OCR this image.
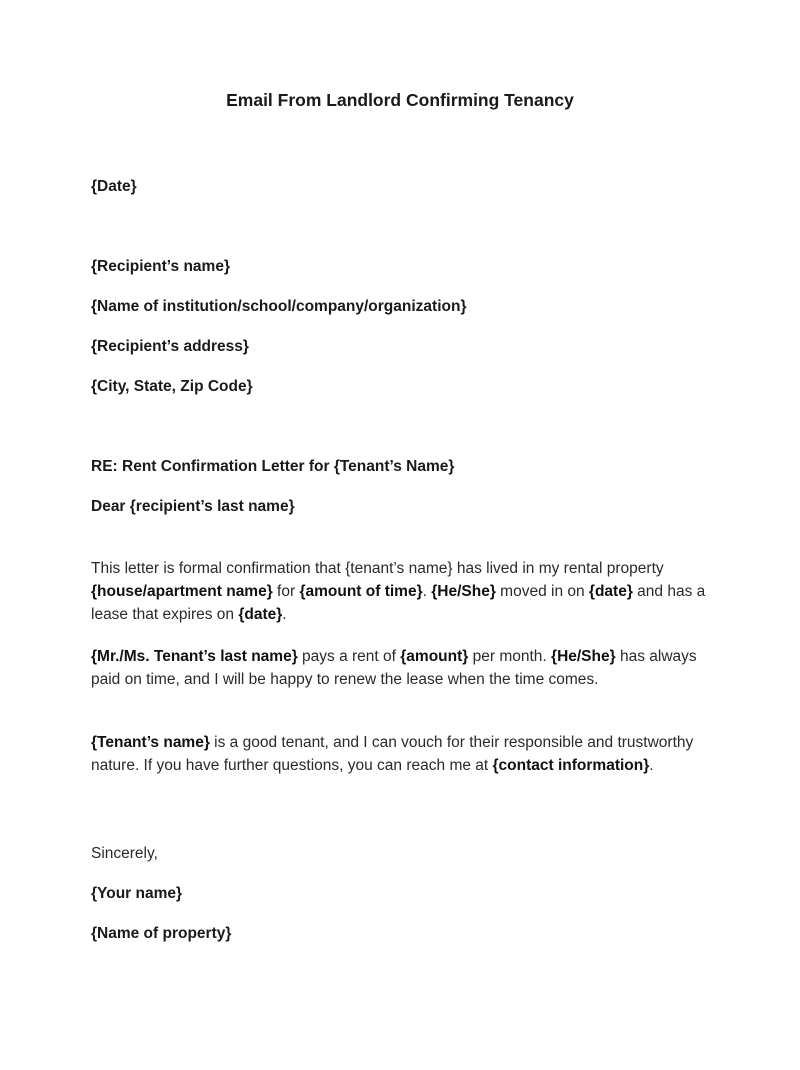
Email From Landlord Confirming Tenancy

{Date}

{Recipient’s name}

{Name of institution/school/company/organization}

{Recipient’s address}

{City, State, Zip Code}

RE: Rent Confirmation Letter for {Tenant’s Name}

Dear {recipient’s last name}

This letter is formal confirmation that {tenant’s name} has lived in my rental property {house/apartment name} for {amount of time}. {He/She} moved in on {date} and has a lease that expires on {date}.

{Mr./Ms. Tenant’s last name} pays a rent of {amount} per month. {He/She} has always paid on time, and I will be happy to renew the lease when the time comes.

{Tenant’s name} is a good tenant, and I can vouch for their responsible and trustworthy nature. If you have further questions, you can reach me at {contact information}.

Sincerely,

{Your name}

{Name of property}
